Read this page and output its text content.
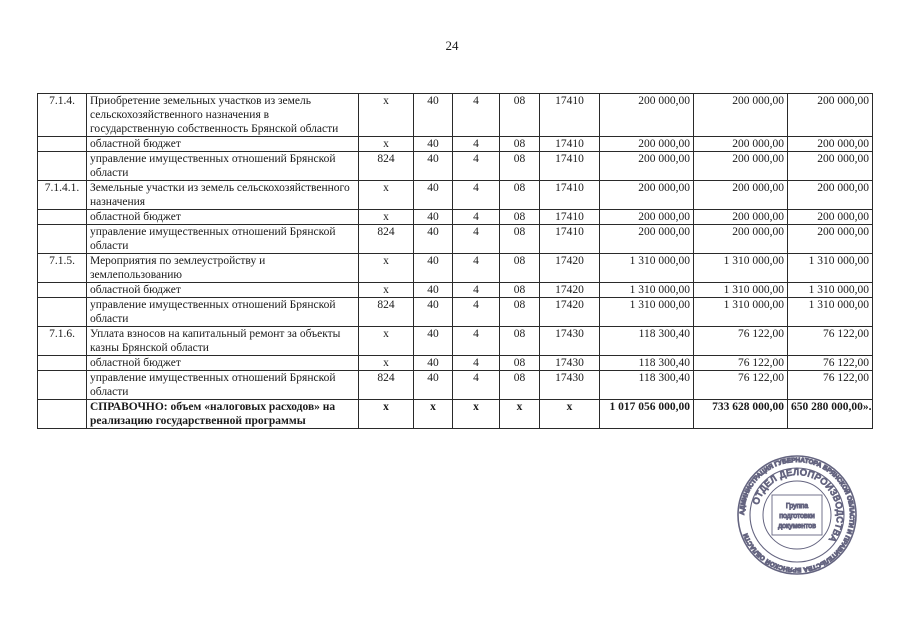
24
7.1.4.	Приобретение земельных участков из земель сельскохозяйственного назначения в государственную собственность Брянской области	x	40	4	08	17410	200 000,00	200 000,00	200 000,00
	областной бюджет	x	40	4	08	17410	200 000,00	200 000,00	200 000,00
	управление имущественных отношений Брянской области	824	40	4	08	17410	200 000,00	200 000,00	200 000,00
7.1.4.1.	Земельные участки из земель сельскохозяйственного назначения	x	40	4	08	17410	200 000,00	200 000,00	200 000,00
	областной бюджет	x	40	4	08	17410	200 000,00	200 000,00	200 000,00
	управление имущественных отношений Брянской области	824	40	4	08	17410	200 000,00	200 000,00	200 000,00
7.1.5.	Мероприятия по землеустройству и землепользованию	x	40	4	08	17420	1 310 000,00	1 310 000,00	1 310 000,00
	областной бюджет	x	40	4	08	17420	1 310 000,00	1 310 000,00	1 310 000,00
	управление имущественных отношений Брянской области	824	40	4	08	17420	1 310 000,00	1 310 000,00	1 310 000,00
7.1.6.	Уплата взносов на капитальный ремонт за объекты казны Брянской области	x	40	4	08	17430	118 300,40	76 122,00	76 122,00
	областной бюджет	x	40	4	08	17430	118 300,40	76 122,00	76 122,00
	управление имущественных отношений Брянской области	824	40	4	08	17430	118 300,40	76 122,00	76 122,00
	СПРАВОЧНО: объем «налоговых расходов» на реализацию государственной программы	x	x	x	x	x	1 017 056 000,00	733 628 000,00	650 280 000,00».
АДМИНИСТРАЦИЯ ГУБЕРНАТОРА БРЯНСКОЙ ОБЛАСТИ И ПРАВИТЕЛЬСТВА БРЯНСКОЙ ОБЛАСТИ
ОТДЕЛ ДЕЛОПРОИЗВОДСТВА
Группа
подготовки
документов
